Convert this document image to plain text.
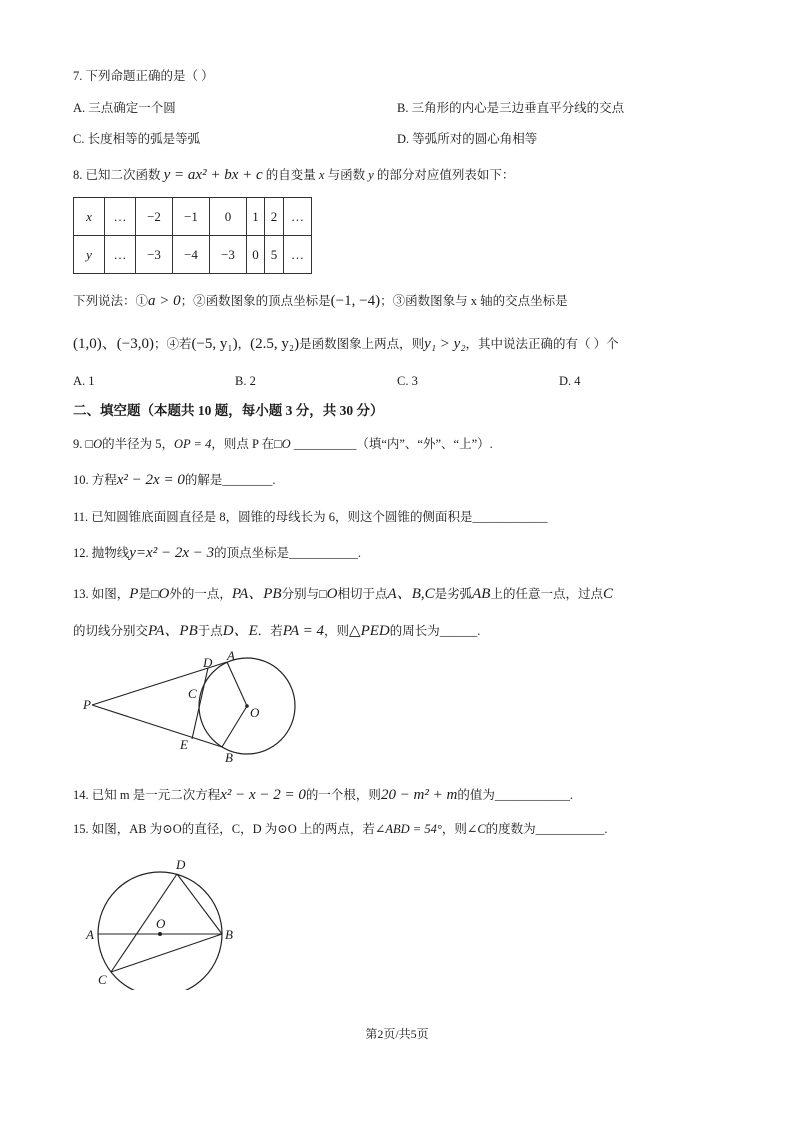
7. 下列命题正确的是（ ）
A. 三点确定一个圆	B. 三角形的内心是三边垂直平分线的交点
C. 长度相等的弧是等弧	D. 等弧所对的圆心角相等
8. 已知二次函数 y = ax² + bx + c 的自变量 x 与函数 y 的部分对应值列表如下：
x	…	−2	−1	0	1	2	…
y	…	−3	−4	−3	0	5	…
下列说法：①a > 0；②函数图象的顶点坐标是(−1, −4)；③函数图象与 x 轴的交点坐标是
(1,0)、(−3,0)；④若(−5, y₁)，(2.5, y₂)是函数图象上两点，则y₁ > y₂，其中说法正确的有（ ）个
A. 1	B. 2	C. 3	D. 4
二、填空题（本题共 10 题，每小题 3 分，共 30 分）
9. □O的半径为 5，OP = 4，则点 P 在□O __________（填“内”、“外”、“上”）.
10. 方程x² − 2x = 0的解是________.
11. 已知圆锥底面圆直径是 8，圆锥的母线长为 6，则这个圆锥的侧面积是____________
12. 抛物线y=x² − 2x − 3的顶点坐标是___________.
13. 如图，P是□O外的一点，PA、PB分别与□O相切于点A、B,C是劣弧AB上的任意一点，过点C
的切线分别交PA、PB于点D、E．若PA = 4，则△PED的周长为______.
P
D A
C
O
E
B
14. 已知 m 是一元二次方程x² − x − 2 = 0的一个根，则20 − m² + m的值为____________.
15. 如图，AB 为⊙O的直径，C，D 为⊙O 上的两点，若∠ABD = 54°，则∠C的度数为___________.
A	B
C
D
O
第2页/共5页
